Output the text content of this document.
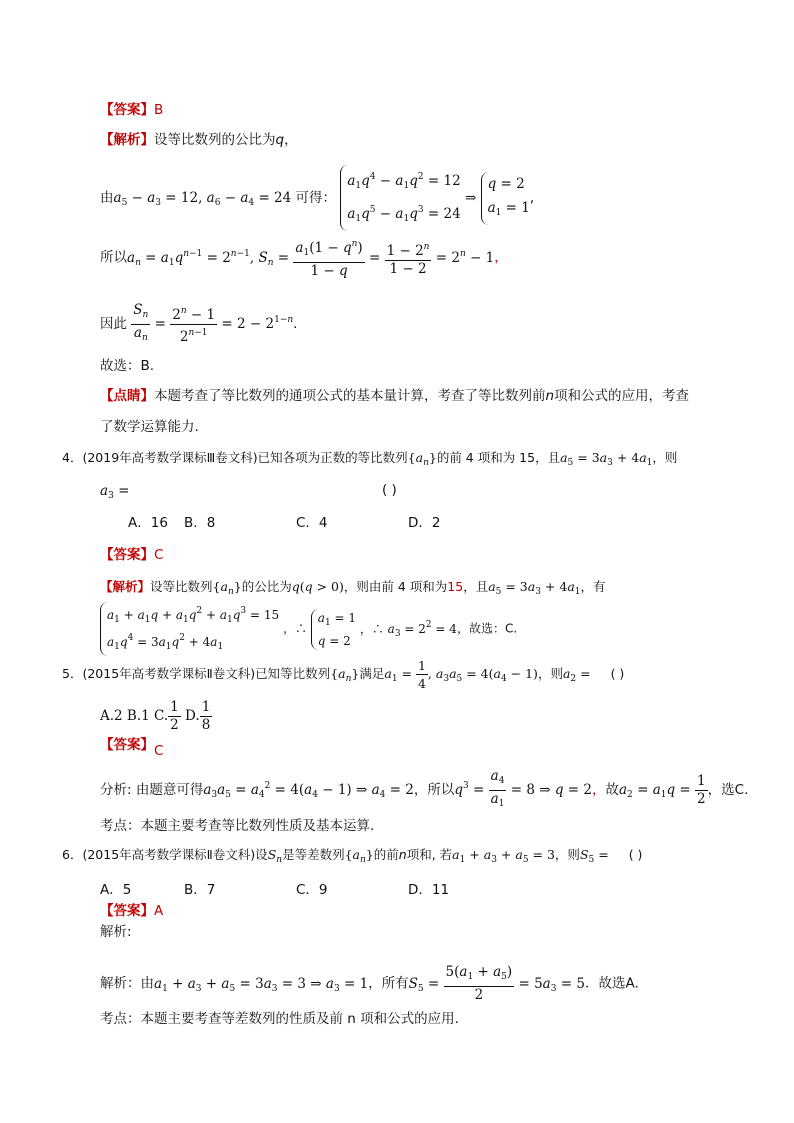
【答案】B
【解析】设等比数列的公比为q，
由$a_5 - a_3 = 12$, $a_6 - a_4 = 24$ 可得：
$a_1q^4 - a_1q^2 = 12$
$a_1q^5 - a_1q^3 = 24$
⇒
q = 2
$a_1 = 1$
,
所以$a_n = a_1q^{n-1} = 2^{n-1}$, $S_n = \frac{a_1(1 - q^n)}{1 - q} = \frac{1 - 2^n}{1 - 2} = 2^n - 1$，
因此 $\frac{S_n}{a_n} = \frac{2^n - 1}{2^{n-1}} = 2 - 2^{1-n}$.
故选：B.
【点睛】本题考查了等比数列的通项公式的基本量计算，考查了等比数列前n项和公式的应用，考查
了数学运算能力.
4．(2019年高考数学课标Ⅲ卷文科)已知各项为正数的等比数列$\{a_n\}$的前 4 项和为 15，且$a_5 = 3a_3 + 4a_1$，则
$a_3$ =	( )
A．16 B．8	C．4	D．2
【答案】C
【解析】设等比数列$\{a_n\}$的公比为q(q > 0)，则由前 4 项和为15，且$a_5 = 3a_3 + 4a_1$，有
$a_1 + a_1q + a_1q^2 + a_1q^3 = 15$
$a_1q^4 = 3a_1q^2 + 4a_1$
，∴
$a_1 = 1$
q = 2
，∴ $a_3 = 2^2 = 4$，故选：C.
5．(2015年高考数学课标Ⅱ卷文科)已知等比数列$\{a_n\}$满足$a_1 = \frac{1}{4}$ , $a_3a_5 = 4(a_4 - 1)$，则$a_2$ = ( )
A.2 B.1 C. $\frac{1}{2} D$. $\frac{1}{8}$
【答案】C
分析: 由题意可得$a_3a_5 = a_4^2 = 4(a_4 - 1)$ ⇒ $a_4 = 2$，所以$q^3 = \frac{a_4}{a_1} = 8$ ⇒ q = 2，故$a_2 = a_1q = \frac{1}{2}$ ，选C.
考点：本题主要考查等比数列性质及基本运算.
6．(2015年高考数学课标Ⅱ卷文科)设$S_n$是等差数列$\{a_n\}$的前n项和, 若$a_1 + a_3 + a_5 = 3$，则$S_5$ = ( )
A．5	B．7	C．9	D．11
【答案】A
解析:
解析：由$a_1 + a_3 + a_5 = 3a_3 = 3$ ⇒ $a_3 = 1$，所有$S_5 = \frac{5(a_1 + a_5)}{2} = 5a_3 = 5$．故选A.
考点：本题主要考查等差数列的性质及前 n 项和公式的应用.
